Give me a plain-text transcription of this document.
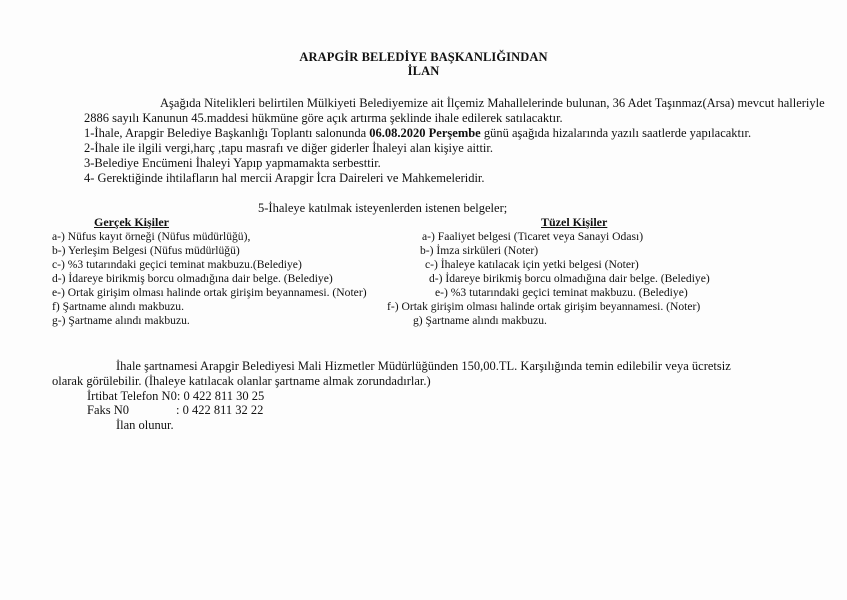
ARAPGİR BELEDİYE BAŞKANLIĞINDAN
İLAN
Aşağıda Nitelikleri belirtilen Mülkiyeti Belediyemize ait İlçemiz Mahallelerinde bulunan, 36 Adet Taşınmaz(Arsa) mevcut halleriyle
2886 sayılı Kanunun 45.maddesi hükmüne göre açık artırma şeklinde ihale edilerek satılacaktır.
1-İhale, Arapgir Belediye Başkanlığı Toplantı salonunda 06.08.2020 Perşembe günü aşağıda hizalarında yazılı saatlerde yapılacaktır.
2-İhale ile ilgili vergi,harç ,tapu masrafı ve diğer giderler İhaleyi alan kişiye aittir.
3-Belediye Encümeni İhaleyi Yapıp yapmamakta serbesttir.
4- Gerektiğinde ihtilafların hal mercii Arapgir İcra Daireleri ve Mahkemeleridir.
5-İhaleye katılmak isteyenlerden istenen belgeler;
Gerçek Kişiler
a-) Nüfus kayıt örneği (Nüfus müdürlüğü),
b-) Yerleşim Belgesi (Nüfus müdürlüğü)
c-) %3 tutarındaki geçici teminat makbuzu.(Belediye)
d-) İdareye birikmiş borcu olmadığına dair belge. (Belediye)
e-) Ortak girişim olması halinde ortak girişim beyannamesi. (Noter)
f) Şartname alındı makbuzu.
g-) Şartname alındı makbuzu.
Tüzel Kişiler
a-) Faaliyet belgesi (Ticaret veya Sanayi Odası)
b-) İmza sirküleri (Noter)
c-) İhaleye katılacak için yetki belgesi (Noter)
d-) İdareye birikmiş borcu olmadığına dair belge. (Belediye)
e-) %3 tutarındaki geçici teminat makbuzu. (Belediye)
f-) Ortak girişim olması halinde ortak girişim beyannamesi. (Noter)
g) Şartname alındı makbuzu.
İhale şartnamesi Arapgir Belediyesi Mali Hizmetler Müdürlüğünden 150,00.TL. Karşılığında temin edilebilir veya ücretsiz
olarak görülebilir. (İhaleye katılacak olanlar şartname almak zorundadırlar.)
İrtibat Telefon N0: 0 422 811 30 25
Faks N0	: 0 422 811 32 22
İlan olunur.
